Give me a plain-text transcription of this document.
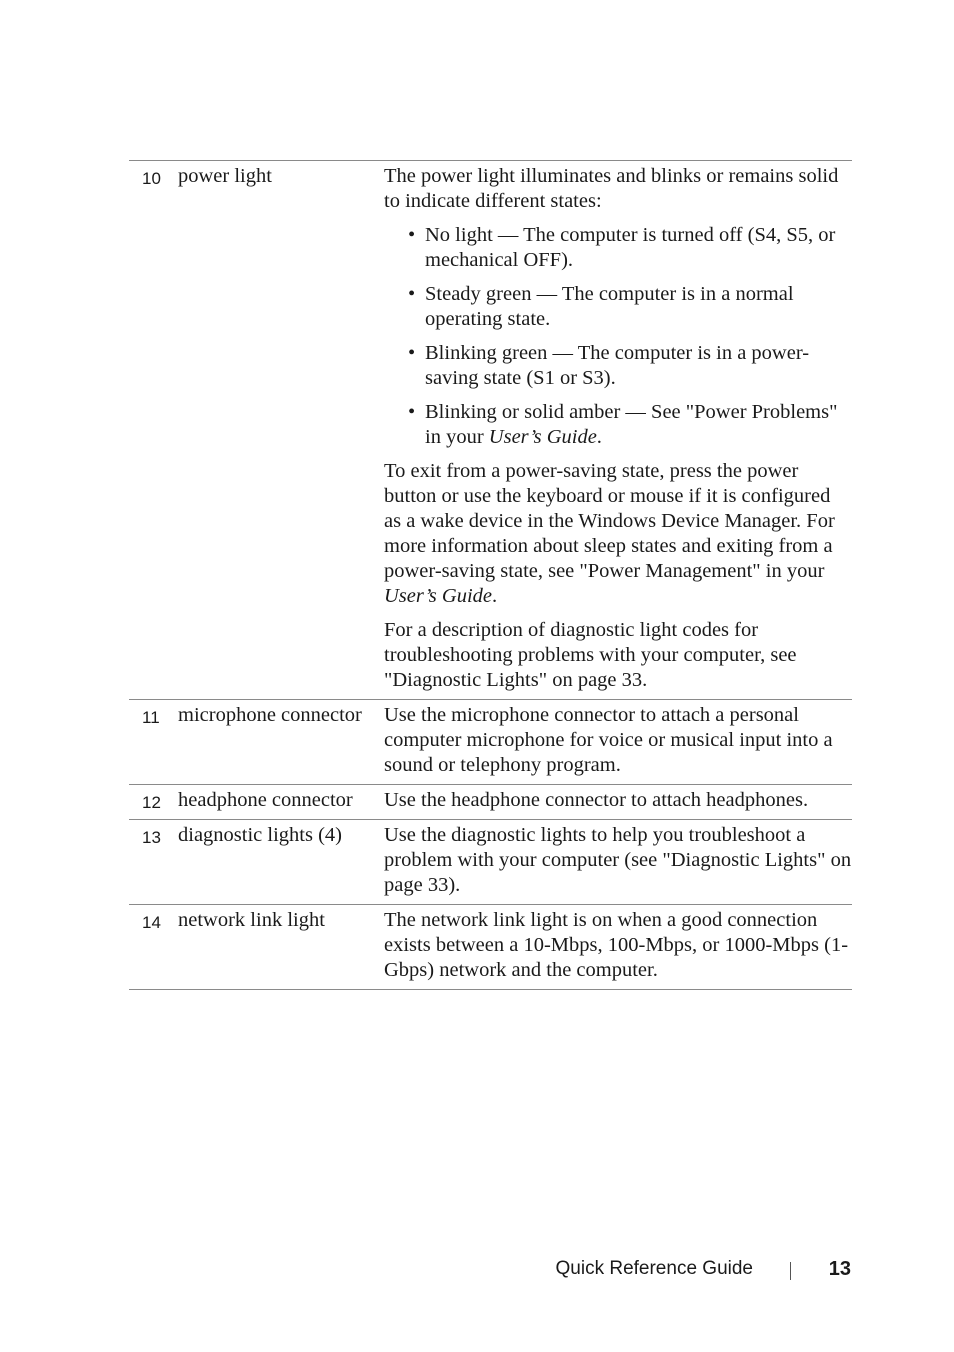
10 power light	The power light illuminates and blinks or remains solid to indicate different states:

• No light — The computer is turned off (S4, S5, or mechanical OFF).
• Steady green — The computer is in a normal operating state.
• Blinking green — The computer is in a power-saving state (S1 or S3).
• Blinking or solid amber — See "Power Problems" in your User’s Guide.

To exit from a power-saving state, press the power button or use the keyboard or mouse if it is configured as a wake device in the Windows Device Manager. For more information about sleep states and exiting from a power-saving state, see "Power Management" in your User’s Guide.

For a description of diagnostic light codes for troubleshooting problems with your computer, see "Diagnostic Lights" on page 33.

11 microphone connector	Use the microphone connector to attach a personal computer microphone for voice or musical input into a sound or telephony program.

12 headphone connector	Use the headphone connector to attach headphones.

13 diagnostic lights (4)	Use the diagnostic lights to help you troubleshoot a problem with your computer (see "Diagnostic Lights" on page 33).

14 network link light	The network link light is on when a good connection exists between a 10-Mbps, 100-Mbps, or 1000-Mbps (1-Gbps) network and the computer.

Quick Reference Guide	13
